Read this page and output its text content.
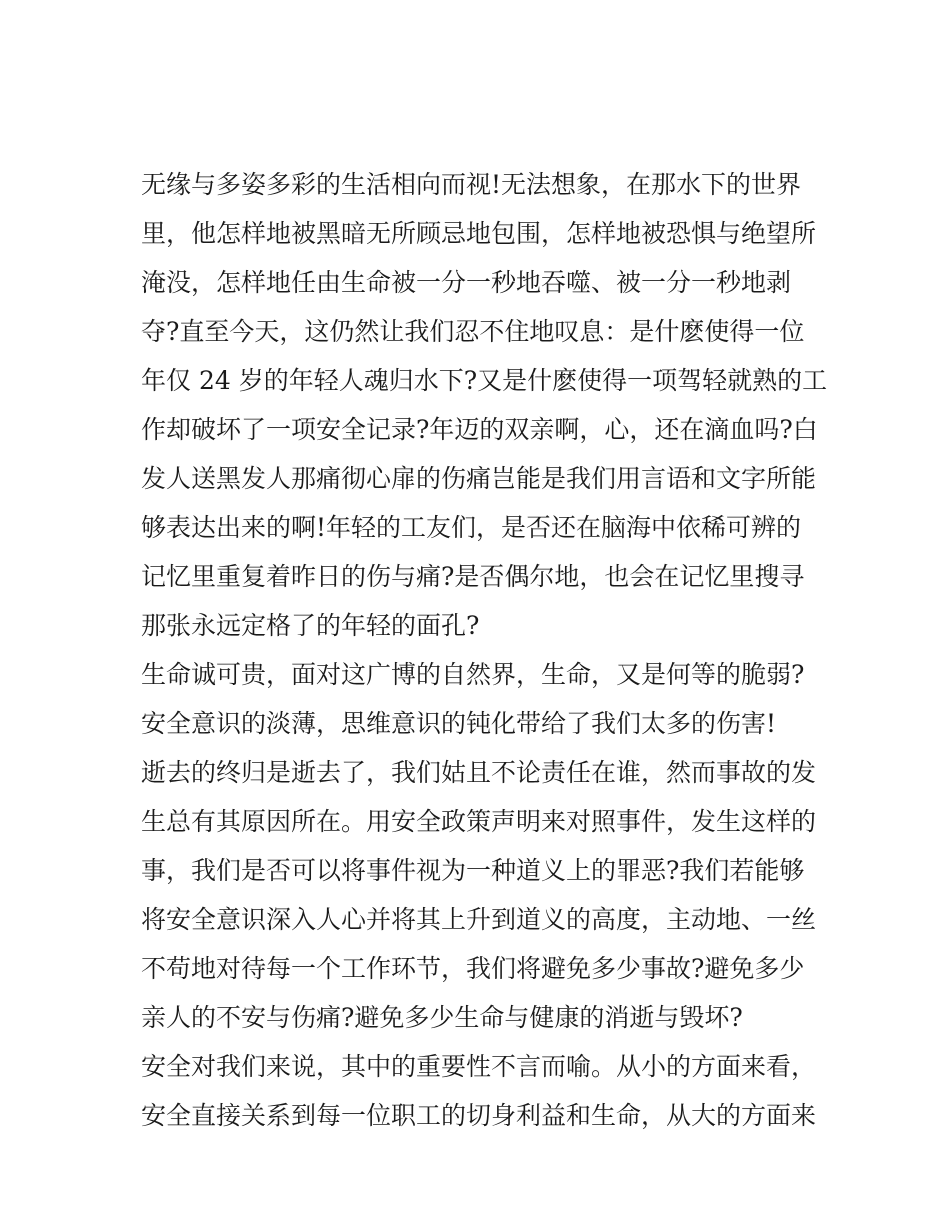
无缘与多姿多彩的生活相向而视!无法想象，在那水下的世界
里，他怎样地被黑暗无所顾忌地包围，怎样地被恐惧与绝望所
淹没，怎样地任由生命被一分一秒地吞噬、被一分一秒地剥
夺?直至今天，这仍然让我们忍不住地叹息：是什麽使得一位
年仅 24 岁的年轻人魂归水下?又是什麽使得一项驾轻就熟的工
作却破坏了一项安全记录?年迈的双亲啊，心，还在滴血吗?白
发人送黑发人那痛彻心扉的伤痛岂能是我们用言语和文字所能
够表达出来的啊!年轻的工友们，是否还在脑海中依稀可辨的
记忆里重复着昨日的伤与痛?是否偶尔地，也会在记忆里搜寻
那张永远定格了的年轻的面孔?
生命诚可贵，面对这广博的自然界，生命，又是何等的脆弱?
安全意识的淡薄，思维意识的钝化带给了我们太多的伤害!
逝去的终归是逝去了，我们姑且不论责任在谁，然而事故的发
生总有其原因所在。用安全政策声明来对照事件，发生这样的
事，我们是否可以将事件视为一种道义上的罪恶?我们若能够
将安全意识深入人心并将其上升到道义的高度，主动地、一丝
不苟地对待每一个工作环节，我们将避免多少事故?避免多少
亲人的不安与伤痛?避免多少生命与健康的消逝与毁坏?
安全对我们来说，其中的重要性不言而喻。从小的方面来看，
安全直接关系到每一位职工的切身利益和生命，从大的方面来
